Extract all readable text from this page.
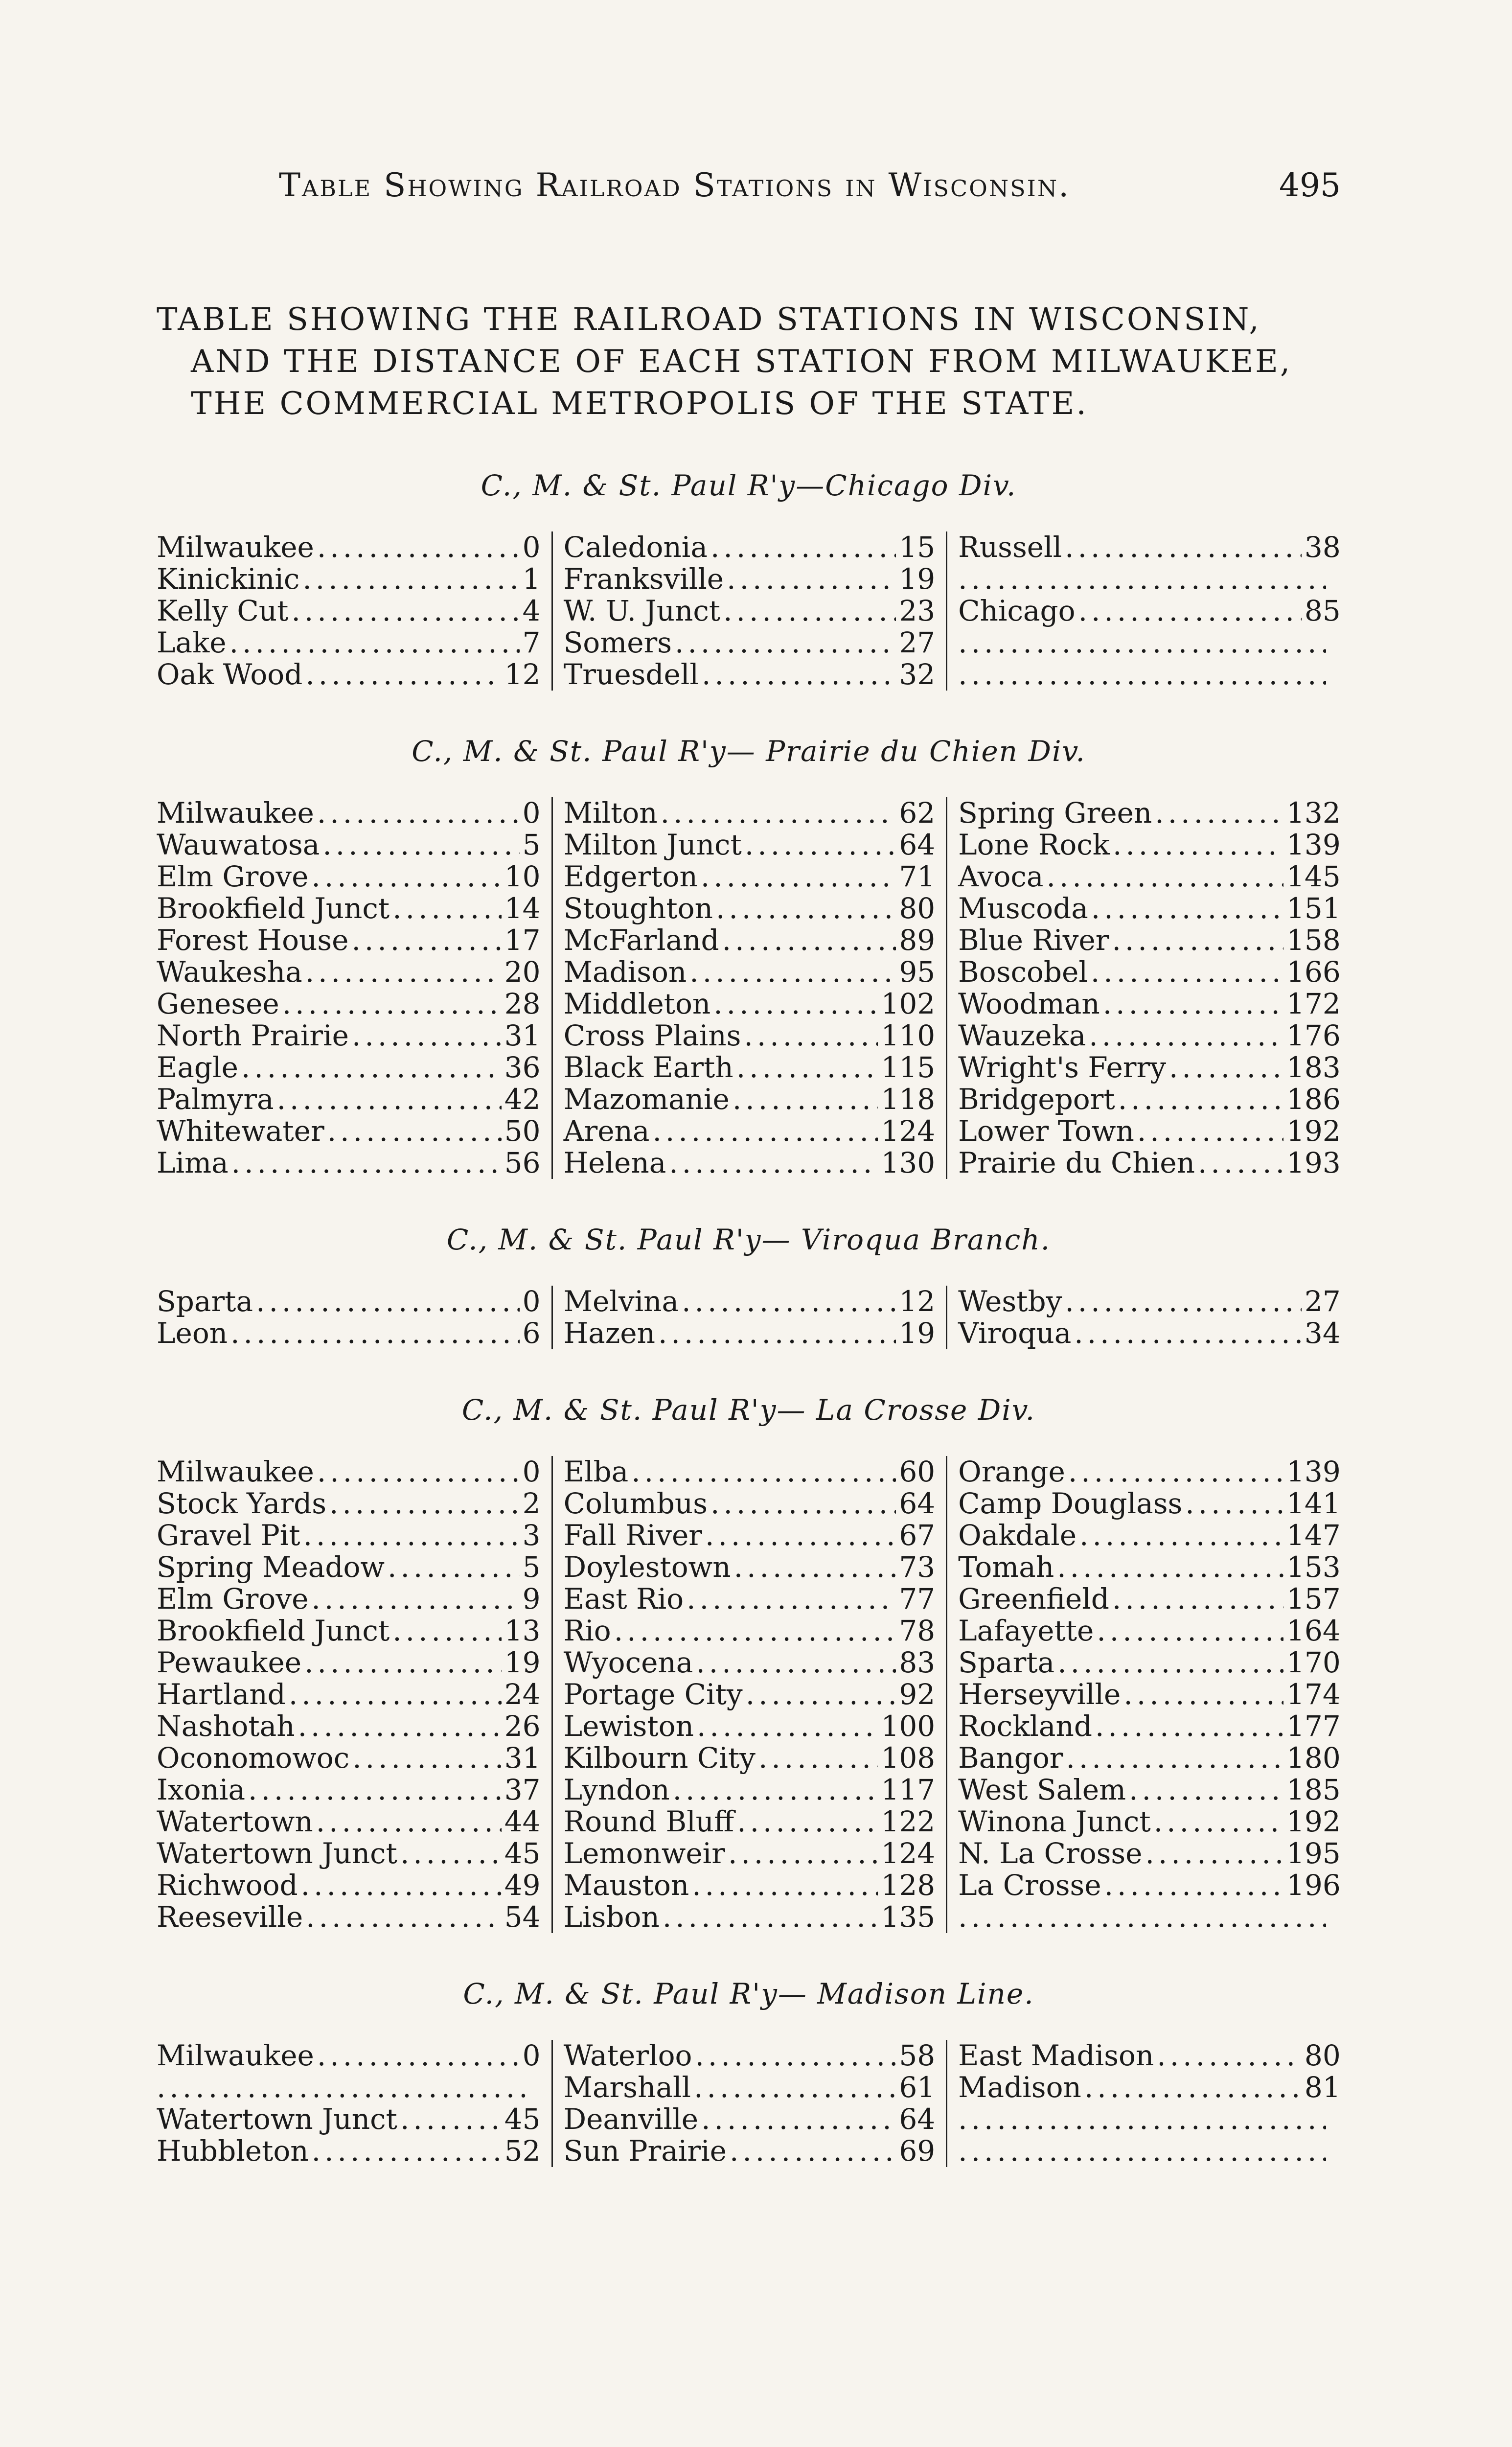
Table Showing Railroad Stations in Wisconsin.	495
TABLE SHOWING THE RAILROAD STATIONS IN WISCONSIN,
AND THE DISTANCE OF EACH STATION FROM MILWAUKEE,
THE COMMERCIAL METROPOLIS OF THE STATE.
C., M. & St. Paul R'y—Chicago Div.
Milwaukee .....	0
Kinickinic .....	1
Kelly Cut .....	4
Lake .....	7
Oak Wood .....	12
Caledonia .....	15
Franksville .....	19
W. U. Junct .....	23
Somers .....	27
Truesdell .....	32
Russell .....	38
.....
Chicago .....	85
.....
.....
C., M. & St. Paul R'y— Prairie du Chien Div.
Milwaukee .....	0
Wauwatosa .....	5
Elm Grove .....	10
Brookfield Junct .....	14
Forest House .....	17
Waukesha .....	20
Genesee .....	28
North Prairie .....	31
Eagle .....	36
Palmyra .....	42
Whitewater .....	50
Lima .....	56
Milton .....	62
Milton Junct .....	64
Edgerton .....	71
Stoughton .....	80
McFarland .....	89
Madison .....	95
Middleton .....	102
Cross Plains .....	110
Black Earth .....	115
Mazomanie .....	118
Arena .....	124
Helena .....	130
Spring Green .....	132
Lone Rock .....	139
Avoca .....	145
Muscoda .....	151
Blue River .....	158
Boscobel .....	166
Woodman .....	172
Wauzeka .....	176
Wright's Ferry .....	183
Bridgeport .....	186
Lower Town .....	192
Prairie du Chien .....	193
C., M. & St. Paul R'y— Viroqua Branch.
Sparta .....	0
Leon .....	6
Melvina .....	12
Hazen .....	19
Westby .....	27
Viroqua .....	34
C., M. & St. Paul R'y— La Crosse Div.
Milwaukee .....	0
Stock Yards .....	2
Gravel Pit .....	3
Spring Meadow .....	5
Elm Grove .....	9
Brookfield Junct .....	13
Pewaukee .....	19
Hartland .....	24
Nashotah .....	26
Oconomowoc .....	31
Ixonia .....	37
Watertown .....	44
Watertown Junct .....	45
Richwood .....	49
Reeseville .....	54
Elba .....	60
Columbus .....	64
Fall River .....	67
Doylestown .....	73
East Rio .....	77
Rio .....	78
Wyocena .....	83
Portage City .....	92
Lewiston .....	100
Kilbourn City .....	108
Lyndon .....	117
Round Bluff .....	122
Lemonweir .....	124
Mauston .....	128
Lisbon .....	135
Orange .....	139
Camp Douglass .....	141
Oakdale .....	147
Tomah .....	153
Greenfield .....	157
Lafayette .....	164
Sparta .....	170
Herseyville .....	174
Rockland .....	177
Bangor .....	180
West Salem .....	185
Winona Junct .....	192
N. La Crosse .....	195
La Crosse .....	196
.....
C., M. & St. Paul R'y— Madison Line.
Milwaukee .....	0
.....
Watertown Junct .....	45
Hubbleton .....	52
Waterloo .....	58
Marshall .....	61
Deanville .....	64
Sun Prairie .....	69
East Madison .....	80
Madison .....	81
.....
.....
